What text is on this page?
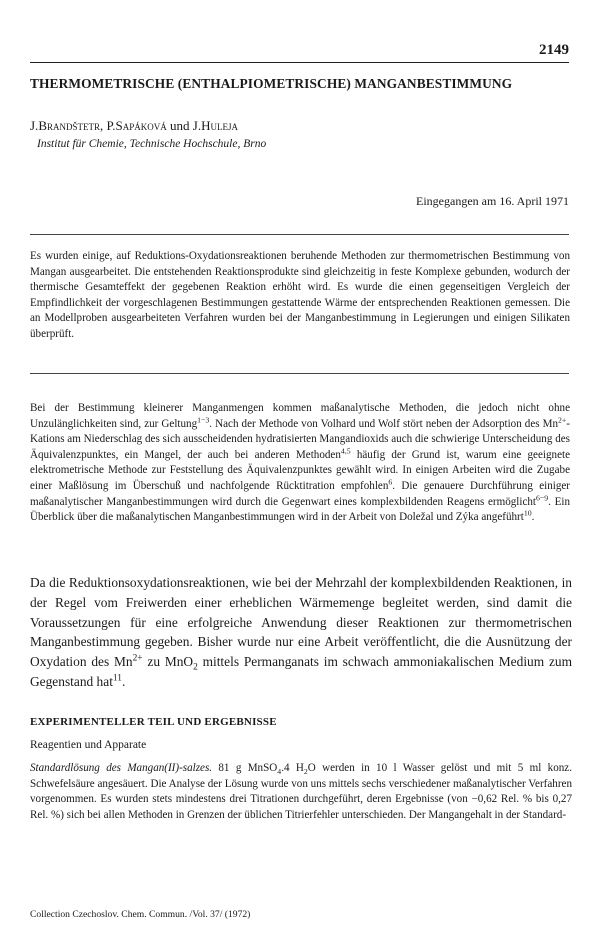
2149
THERMOMETRISCHE (ENTHALPIOMETRISCHE) MANGANBESTIMMUNG
J.Brandštetr, P.Sapáková und J.Huleja
Institut für Chemie, Technische Hochschule, Brno
Eingegangen am 16. April 1971
Es wurden einige, auf Reduktions-Oxydationsreaktionen beruhende Methoden zur thermometrischen Bestimmung von Mangan ausgearbeitet. Die entstehenden Reaktionsprodukte sind gleichzeitig in feste Komplexe gebunden, wodurch der thermische Gesamteffekt der gegebenen Reaktion erhöht wird. Es wurde die einen gegenseitigen Vergleich der Empfindlichkeit der vorgeschlagenen Bestimmungen gestattende Wärme der entsprechenden Reaktionen gemessen. Die an Modellproben ausgearbeiteten Verfahren wurden bei der Manganbestimmung in Legierungen und einigen Silikaten überprüft.
Bei der Bestimmung kleinerer Manganmengen kommen maßanalytische Methoden, die jedoch nicht ohne Unzulänglichkeiten sind, zur Geltung$^{1-3}$. Nach der Methode von Volhard und Wolf stört neben der Adsorption des $Mn^{2+}$-Kations am Niederschlag des sich ausscheidenden hydratisierten Mangandioxids auch die schwierige Unterscheidung des Äquivalenzpunktes, ein Mangel, der auch bei anderen Methoden$^{4,5}$ häufig der Grund ist, warum eine geeignete elektrometrische Methode zur Feststellung des Äquivalenzpunktes gewählt wird. In einigen Arbeiten wird die Zugabe einer Maßlösung im Überschuß und nachfolgende Rücktitration empfohlen$^6$. Die genauere Durchführung einiger maßanalytischer Manganbestimmungen wird durch die Gegenwart eines komplexbildenden Reagens ermöglicht$^{6-9}$. Ein Überblick über die maßanalytischen Manganbestimmungen wird in der Arbeit von Doležal und Zýka angeführt$^{10}$.
Da die Reduktionsoxydationsreaktionen, wie bei der Mehrzahl der komplexbildenden Reaktionen, in der Regel vom Freiwerden einer erheblichen Wärmemenge begleitet werden, sind damit die Voraussetzungen für eine erfolgreiche Anwendung dieser Reaktionen zur thermometrischen Manganbestimmung gegeben. Bisher wurde nur eine Arbeit veröffentlicht, die die Ausnützung der Oxydation des $Mn^{2+}$ zu MnO$_2$ mittels Permanganats im schwach ammoniakalischen Medium zum Gegenstand hat$^{11}$.
EXPERIMENTELLER TEIL UND ERGEBNISSE
Reagentien und Apparate
Standardlösung des Mangan(II)-salzes. 81 g MnSO$_4$.4 $H_2O$ werden in 10 l Wasser gelöst und mit 5 ml konz. Schwefelsäure angesäuert. Die Analyse der Lösung wurde von uns mittels sechs verschiedener maßanalytischer Verfahren vorgenommen. Es wurden stets mindestens drei Titrationen durchgeführt, deren Ergebnisse (von −0,62 Rel. % bis 0,27 Rel. %) sich bei allen Methoden in Grenzen der üblichen Titrierfehler unterschieden. Der Mangangehalt in der Standard-
Collection Czechoslov. Chem. Commun. /Vol. 37/ (1972)
